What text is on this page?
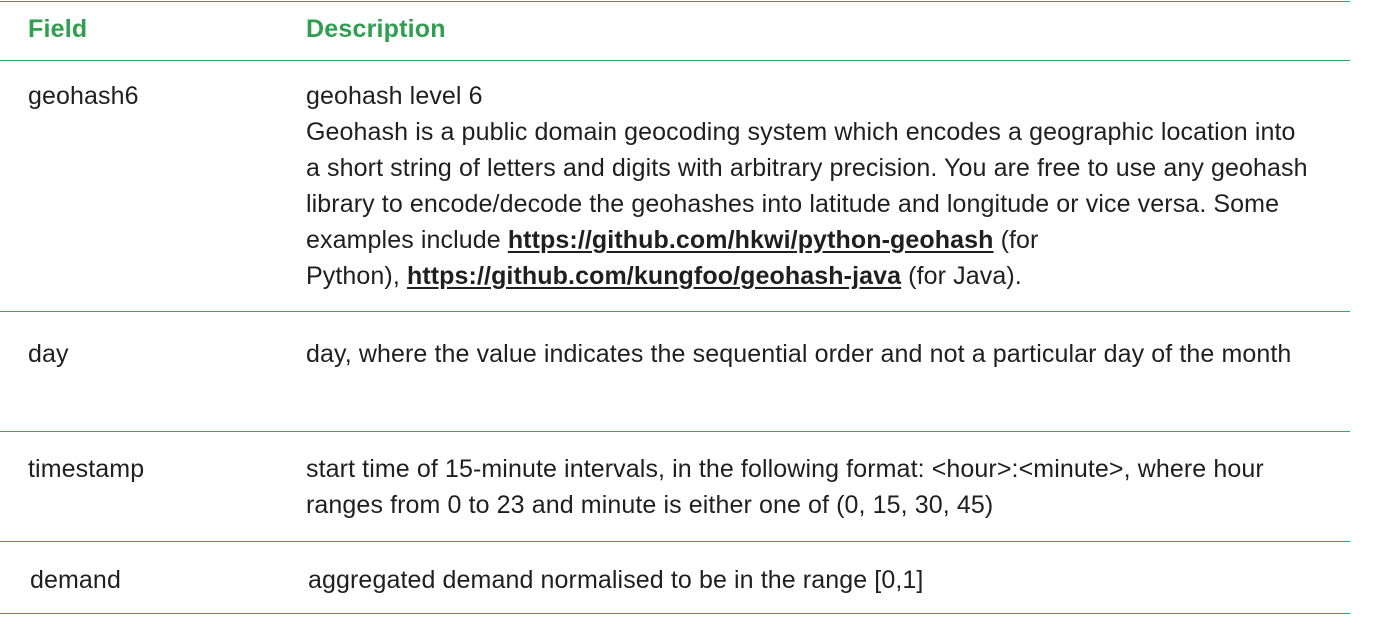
Field	Description
geohash6	geohash level 6
Geohash is a public domain geocoding system which encodes a geographic location into
a short string of letters and digits with arbitrary precision. You are free to use any geohash
library to encode/decode the geohashes into latitude and longitude or vice versa. Some
examples include https://github.com/hkwi/python-geohash (for
Python), https://github.com/kungfoo/geohash-java (for Java).
day	day, where the value indicates the sequential order and not a particular day of the month
timestamp	start time of 15-minute intervals, in the following format: <hour>:<minute>, where hour
ranges from 0 to 23 and minute is either one of (0, 15, 30, 45)
demand	aggregated demand normalised to be in the range [0,1]
